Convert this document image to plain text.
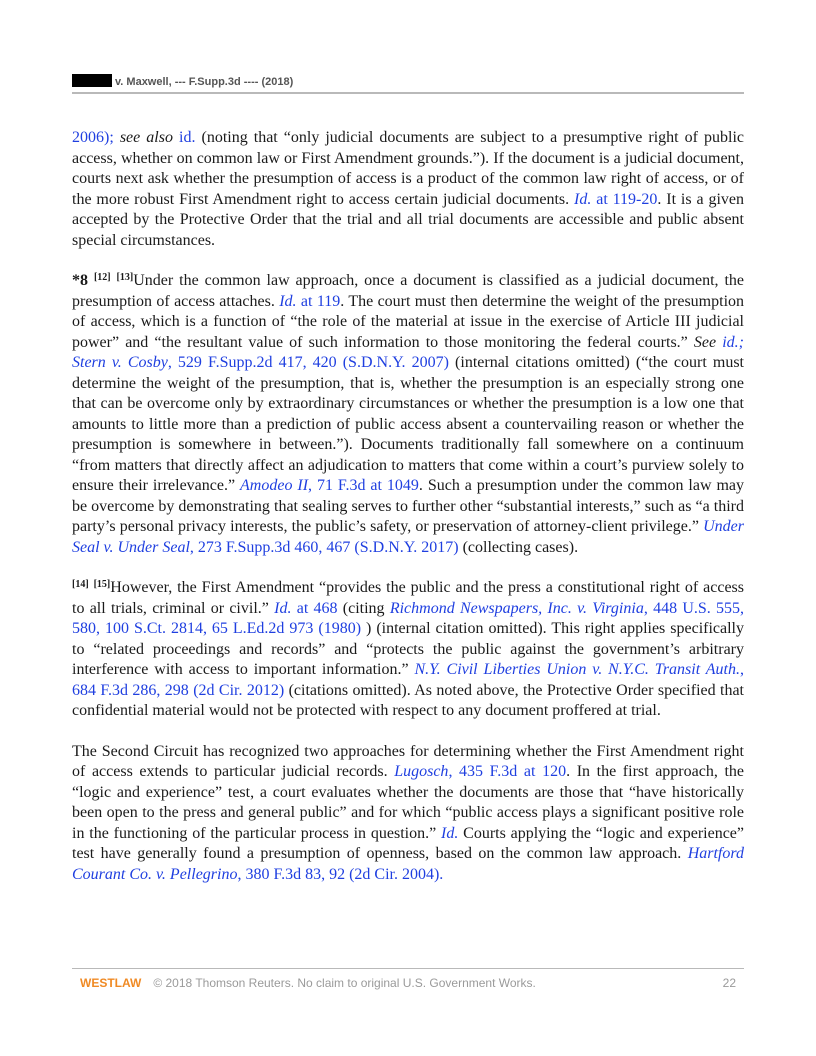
v. Maxwell, --- F.Supp.3d ---- (2018)

2006); see also id. (noting that “only judicial documents are subject to a presumptive right of public access, whether on common law or First Amendment grounds.”). If the document is a judicial document, courts next ask whether the presumption of access is a product of the common law right of access, or of the more robust First Amendment right to access certain judicial documents. Id. at 119-20. It is a given accepted by the Protective Order that the trial and all trial documents are accessible and public absent special circumstances.

*8 [12] [13]Under the common law approach, once a document is classified as a judicial document, the presumption of access attaches. Id. at 119. The court must then determine the weight of the presumption of access, which is a function of “the role of the material at issue in the exercise of Article III judicial power” and “the resultant value of such information to those monitoring the federal courts.” See id.; Stern v. Cosby, 529 F.Supp.2d 417, 420 (S.D.N.Y. 2007) (internal citations omitted) (“the court must determine the weight of the presumption, that is, whether the presumption is an especially strong one that can be overcome only by extraordinary circumstances or whether the presumption is a low one that amounts to little more than a prediction of public access absent a countervailing reason or whether the presumption is somewhere in between.”). Documents traditionally fall somewhere on a continuum “from matters that directly affect an adjudication to matters that come within a court’s purview solely to ensure their irrelevance.” Amodeo II, 71 F.3d at 1049. Such a presumption under the common law may be overcome by demonstrating that sealing serves to further other “substantial interests,” such as “a third party’s personal privacy interests, the public’s safety, or preservation of attorney-client privilege.” Under Seal v. Under Seal, 273 F.Supp.3d 460, 467 (S.D.N.Y. 2017) (collecting cases).

[14] [15]However, the First Amendment “provides the public and the press a constitutional right of access to all trials, criminal or civil.” Id. at 468 (citing Richmond Newspapers, Inc. v. Virginia, 448 U.S. 555, 580, 100 S.Ct. 2814, 65 L.Ed.2d 973 (1980) ) (internal citation omitted). This right applies specifically to “related proceedings and records” and “protects the public against the government’s arbitrary interference with access to important information.” N.Y. Civil Liberties Union v. N.Y.C. Transit Auth., 684 F.3d 286, 298 (2d Cir. 2012) (citations omitted). As noted above, the Protective Order specified that confidential material would not be protected with respect to any document proffered at trial.

The Second Circuit has recognized two approaches for determining whether the First Amendment right of access extends to particular judicial records. Lugosch, 435 F.3d at 120. In the first approach, the “logic and experience” test, a court evaluates whether the documents are those that “have historically been open to the press and general public” and for which “public access plays a significant positive role in the functioning of the particular process in question.” Id. Courts applying the “logic and experience” test have generally found a presumption of openness, based on the common law approach. Hartford Courant Co. v. Pellegrino, 380 F.3d 83, 92 (2d Cir. 2004).

WESTLAW © 2018 Thomson Reuters. No claim to original U.S. Government Works.	22
